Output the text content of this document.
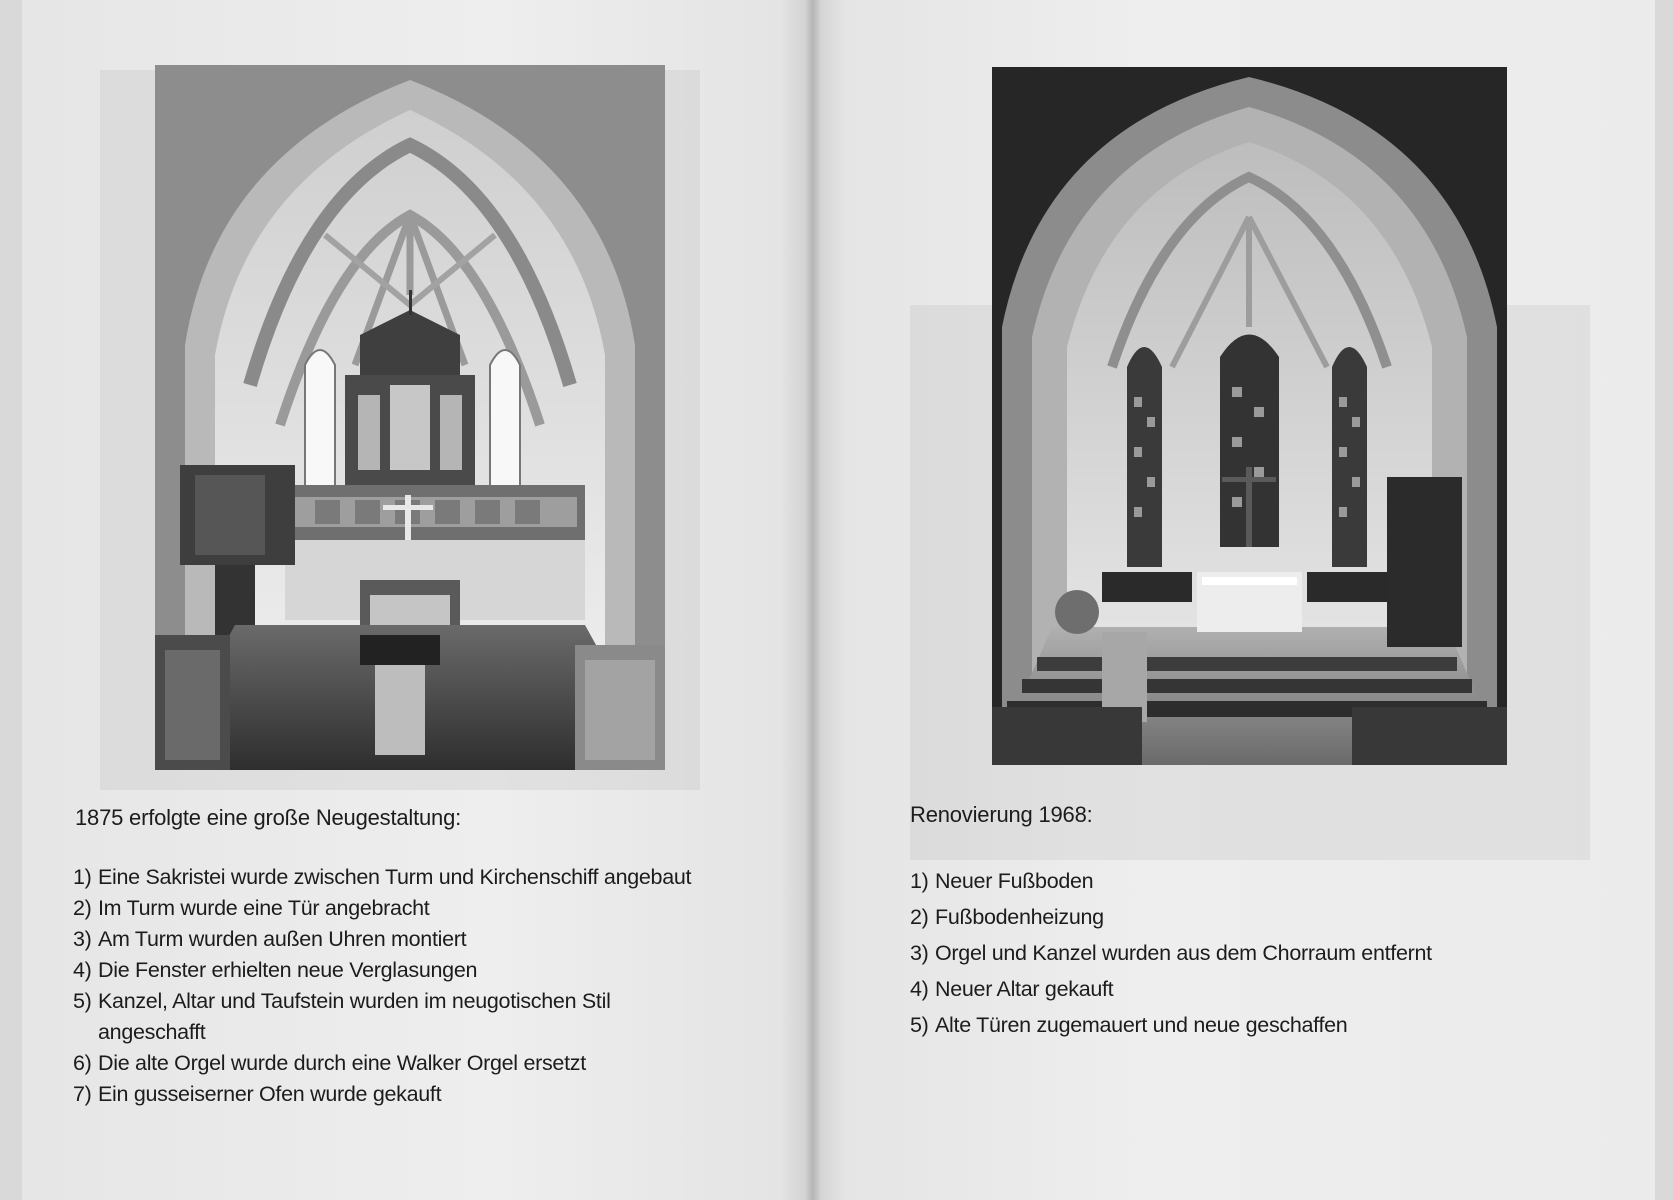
1875 erfolgte eine große Neugestaltung:	Renovierung 1968:
1) Eine Sakristei wurde zwischen Turm und Kirchenschiff angebaut
2) Im Turm wurde eine Tür angebracht
3) Am Turm wurden außen Uhren montiert
4) Die Fenster erhielten neue Verglasungen
5) Kanzel, Altar und Taufstein wurden im neugotischen Stil angeschafft
6) Die alte Orgel wurde durch eine Walker Orgel ersetzt
7) Ein gusseiserner Ofen wurde gekauft
1) Neuer Fußboden
2) Fußbodenheizung
3) Orgel und Kanzel wurden aus dem Chorraum entfernt
4) Neuer Altar gekauft
5) Alte Türen zugemauert und neue geschaffen
